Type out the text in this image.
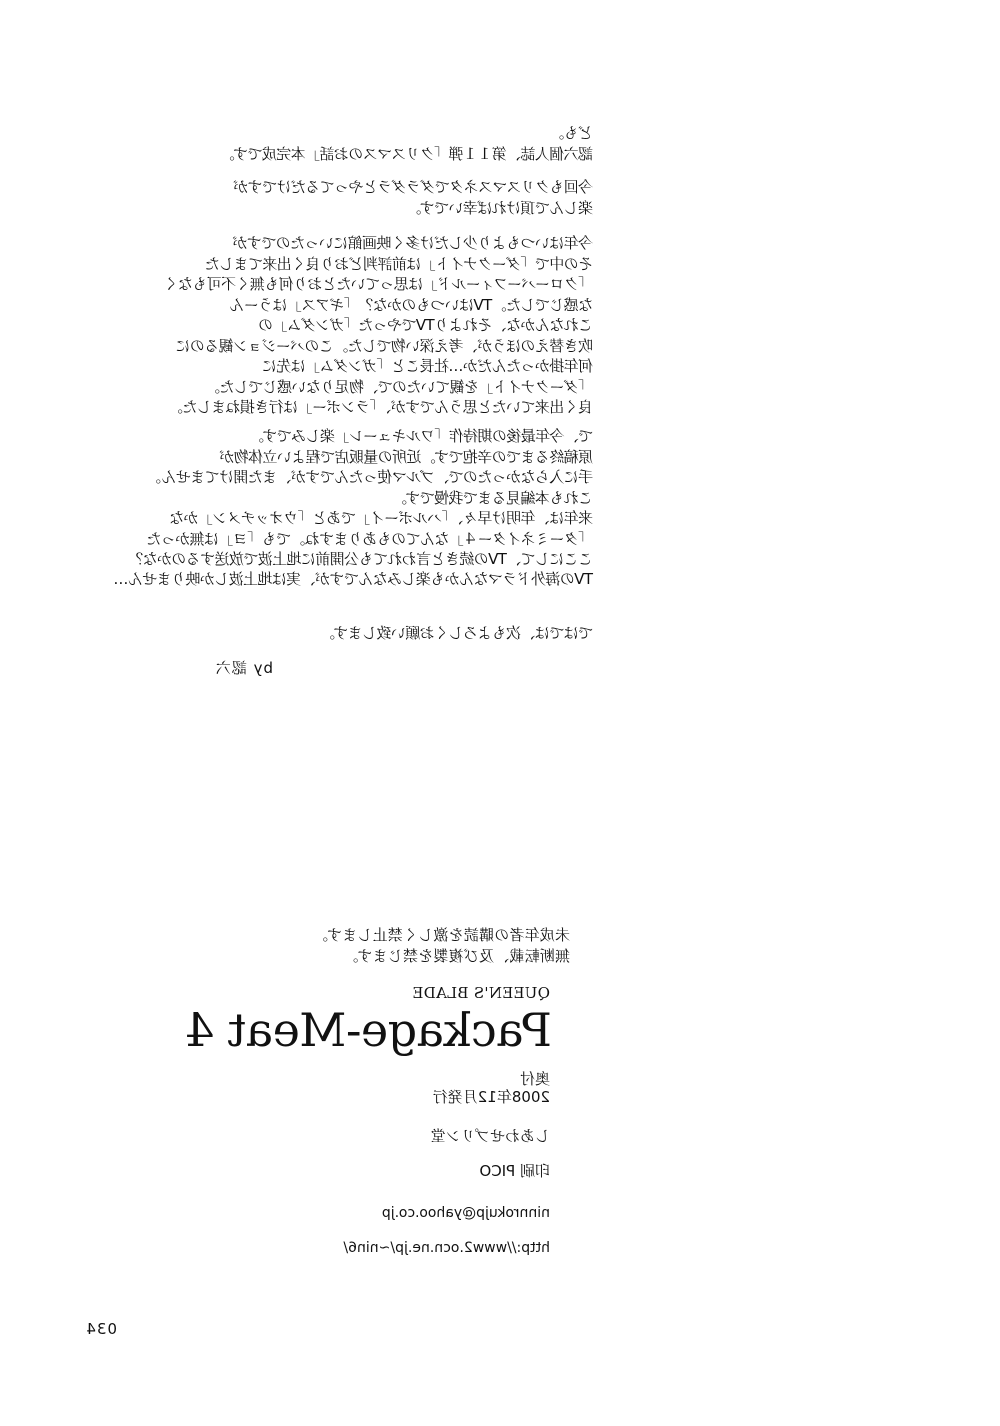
ども。
認六個人誌、第１１弾「クリスマスのお話」本完成です。
今回もクリスマスネタでダラダラとやってるだけですが
楽しんで頂ければ幸いです。
今年はいつもより少しだけ多く映画館にいったのですが
その中で「ダークナイト」は前評判どおり良く出来てました
「クローバーフィールド」は思っていたとおり何も無く不可もなく
な感じでした。TVはいつものかな？「ギアス」はうーん
これなんかな、それよりTVでやった「ガンダム」の
吹き替えのほうが、考え深い物でした。このバージョン観るのに
何年掛かったんだか…社長こと「ガンダム」は先に
「ダークナイト」を観ていたので、物足りない感じでした。
良く出来ていたと思うんですが、「ランボー」は行き損ねました。
で、今年最後の期待作「ワルキューレ」楽しみです。
原稿終るまでの辛抱です。近所の量販店で程よい立体物が
手に入らなかったので、ブルマ使ったんですが、また開けてません。
これも本編見るまで我慢です。
来年は、年明け早々、「ハルボーイ」であと「ウオッチメン」かな
「ターミネイター４」なんてのもありますね。でも「ヨ」は無かった
ここにして、TVの続きと言われても公開前に地上波で放送するのかな？
TVの海外ドラマなんかも楽しみなんですが、実は地上波しか映りません…
ではでは、次もよろしくお願い致します。
by 認六
未成年者の購読を激しく禁止します。
無断転載、及び複製を禁じます。
QUEEN'S BLADE
Package-Meat 4
奥付
2008年12月発行
しあわせプリン堂
印刷 PICO
ninnrokujp@yahoo.co.jp
http://www2.ocn.ne.jp/~nin6/
034
